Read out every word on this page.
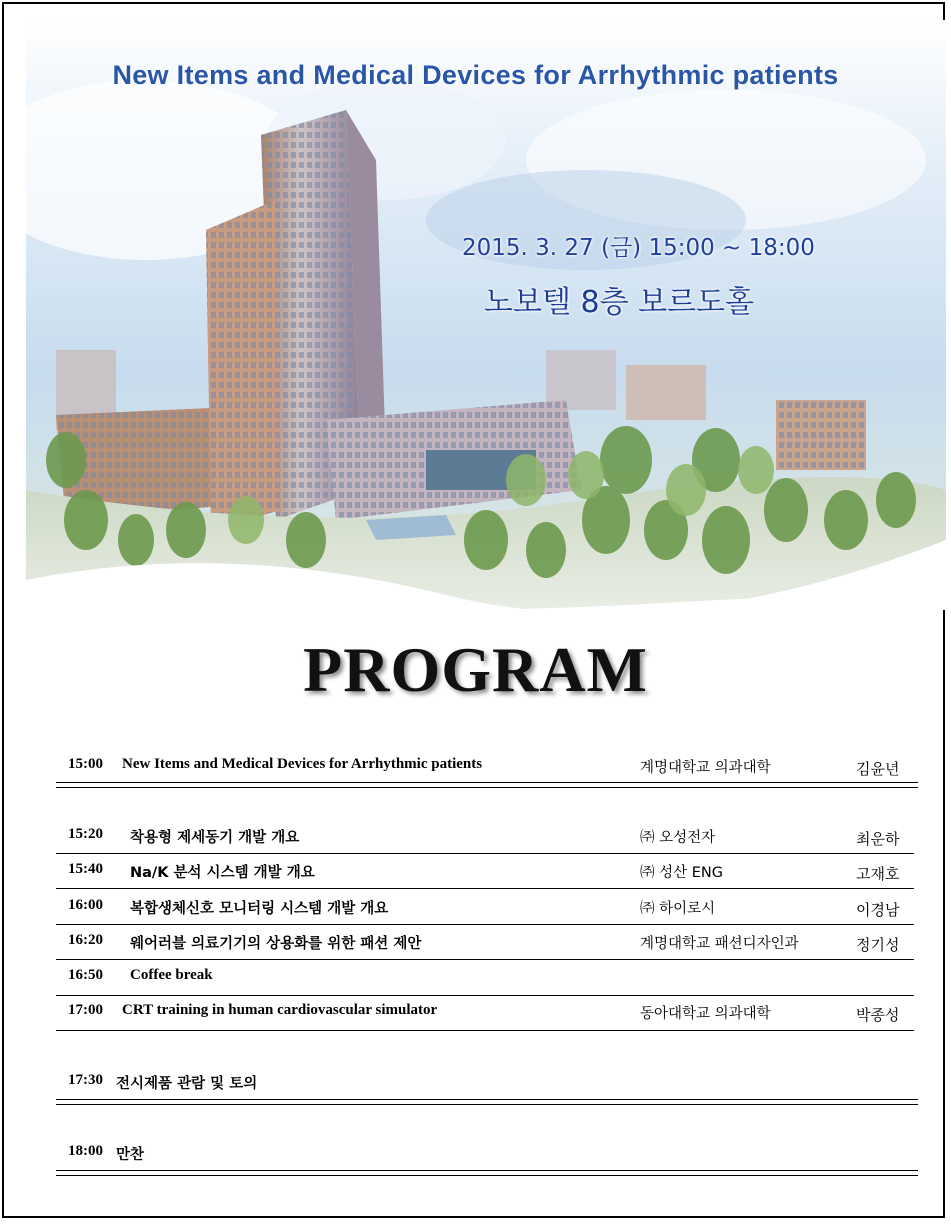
New Items and Medical Devices for Arrhythmic patients
2015. 3. 27 (금) 15:00 ~ 18:00
노보텔 8층 보르도홀
PROGRAM
15:00 New Items and Medical Devices for Arrhythmic patients	계명대학교 의과대학	김윤년
15:20 착용형 제세동기 개발 개요	㈜ 오성전자	최운하
15:40 Na/K 분석 시스템 개발 개요	㈜ 성산 ENG	고재호
16:00 복합생체신호 모니터링 시스템 개발 개요	㈜ 하이로시	이경남
16:20 웨어러블 의료기기의 상용화를 위한 패션 제안	계명대학교 패션디자인과	정기성
16:50 Coffee break
17:00 CRT training in human cardiovascular simulator	동아대학교 의과대학	박종성
17:30 전시제품 관람 및 토의
18:00 만찬
